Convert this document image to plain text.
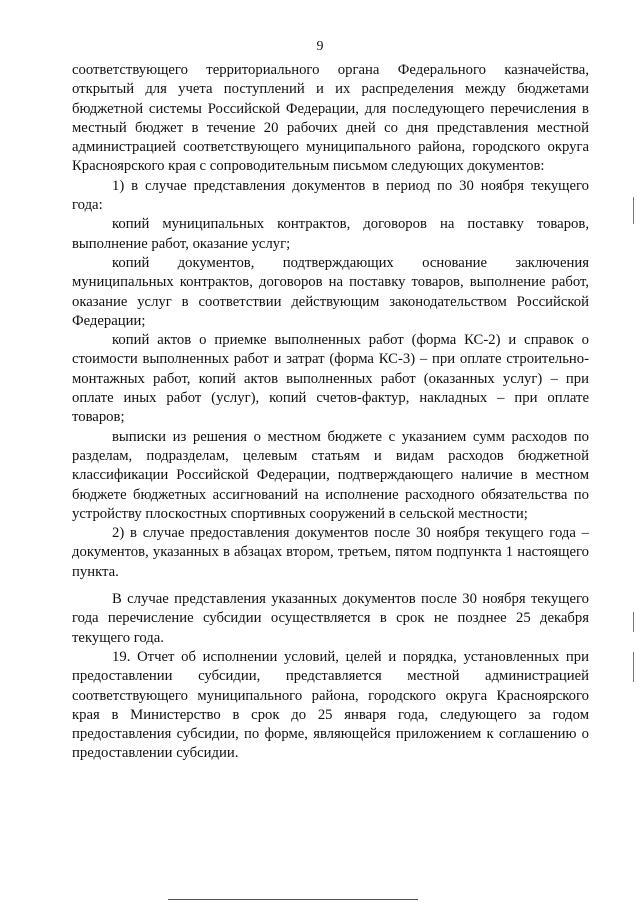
9

соответствующего территориального органа Федерального казначейства, открытый для учета поступлений и их распределения между бюджетами бюджетной системы Российской Федерации, для последующего перечисления в местный бюджет в течение 20 рабочих дней со дня представления местной администрацией соответствующего муниципального района, городского округа Красноярского края с сопроводительным письмом следующих документов:

1) в случае представления документов в период по 30 ноября текущего года:

копий муниципальных контрактов, договоров на поставку товаров, выполнение работ, оказание услуг;

копий документов, подтверждающих основание заключения муниципальных контрактов, договоров на поставку товаров, выполнение работ, оказание услуг в соответствии действующим законодательством Российской Федерации;

копий актов о приемке выполненных работ (форма КС-2) и справок о стоимости выполненных работ и затрат (форма КС-3) – при оплате строительно-монтажных работ, копий актов выполненных работ (оказанных услуг) – при оплате иных работ (услуг), копий счетов-фактур, накладных – при оплате товаров;

выписки из решения о местном бюджете с указанием сумм расходов по разделам, подразделам, целевым статьям и видам расходов бюджетной классификации Российской Федерации, подтверждающего наличие в местном бюджете бюджетных ассигнований на исполнение расходного обязательства по устройству плоскостных спортивных сооружений в сельской местности;

2) в случае предоставления документов после 30 ноября текущего года – документов, указанных в абзацах втором, третьем, пятом подпункта 1 настоящего пункта.

В случае представления указанных документов после 30 ноября текущего года перечисление субсидии осуществляется в срок не позднее 25 декабря текущего года.

19. Отчет об исполнении условий, целей и порядка, установленных при предоставлении субсидии, представляется местной администрацией соответствующего муниципального района, городского округа Красноярского края в Министерство в срок до 25 января года, следующего за годом предоставления субсидии, по форме, являющейся приложением к соглашению о предоставлении субсидии.
